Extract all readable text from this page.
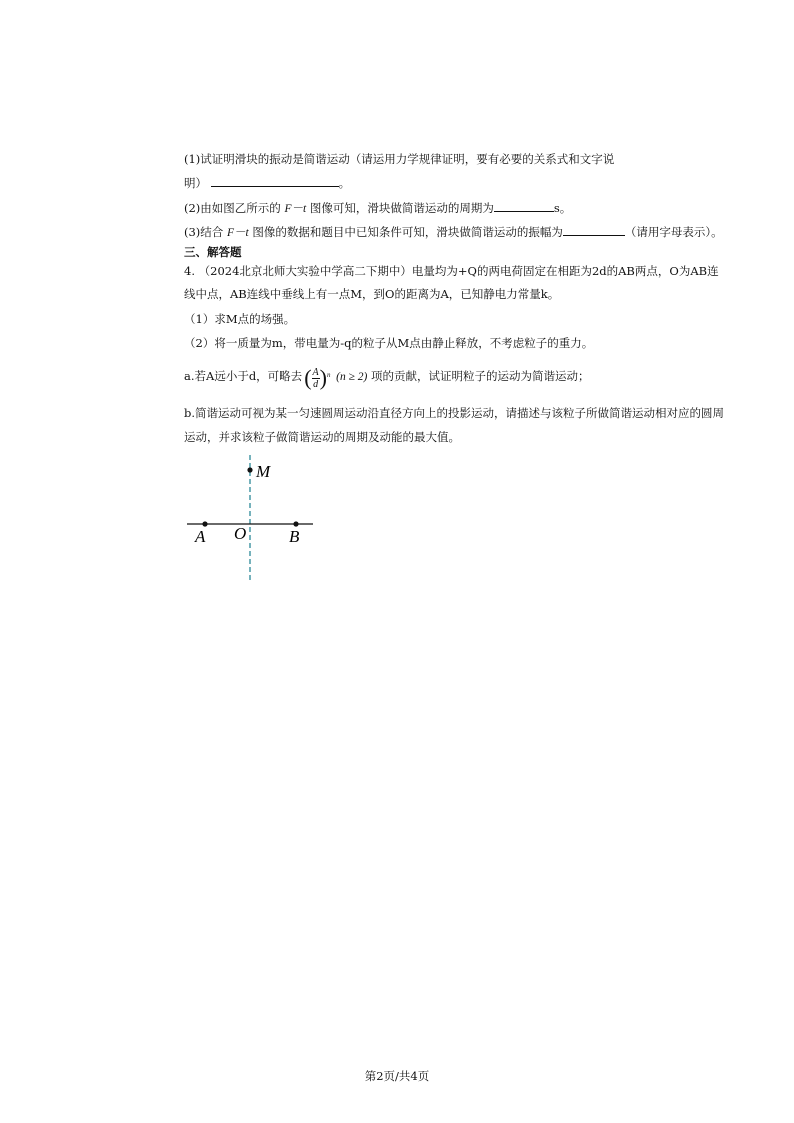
(1)试证明滑块的振动是简谐运动（请运用力学规律证明，要有必要的关系式和文字说
明）	。
(2)由如图乙所示的 F－t 图像可知，滑块做简谐运动的周期为	s。
(3)结合 F－t 图像的数据和题目中已知条件可知，滑块做简谐运动的振幅为	（请用字母表示）。
三、解答题
4. （2024北京北师大实验中学高二下期中）电量均为+Q的两电荷固定在相距为2d的AB两点，O为AB连
线中点，AB连线中垂线上有一点M，到O的距离为A，已知静电力常量k。
（1）求M点的场强。
（2）将一质量为m，带电量为-q的粒子从M点由静止释放，不考虑粒子的重力。
a.若A远小于d，可略去( $\frac{A}{d} )^n$ (n ≥ 2) 项的贡献，试证明粒子的运动为简谐运动；
b.简谐运动可视为某一匀速圆周运动沿直径方向上的投影运动，请描述与该粒子所做简谐运动相对应的圆周
运动，并求该粒子做简谐运动的周期及动能的最大值。
M
A O	B
第2页/共4页
